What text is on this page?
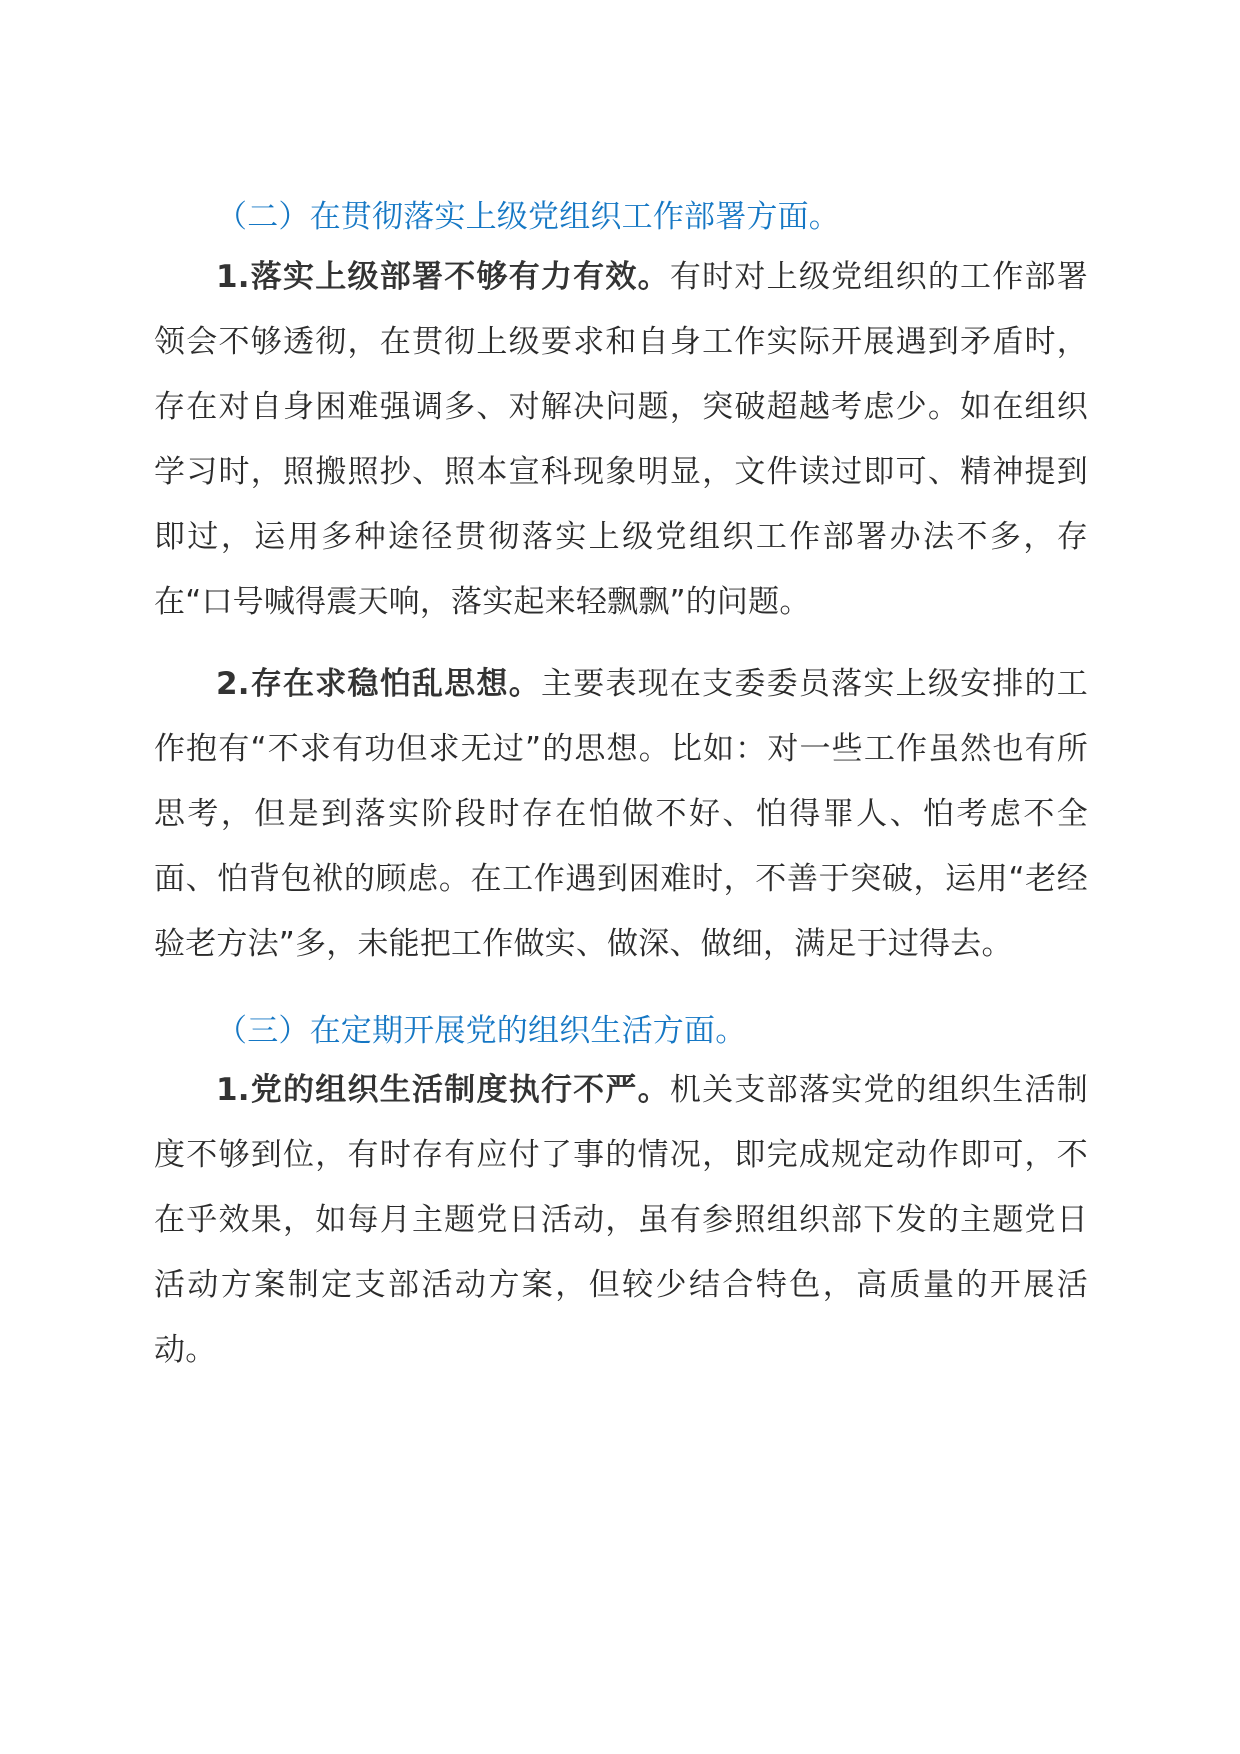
（二）在贯彻落实上级党组织工作部署方面。

1.落实上级部署不够有力有效。有时对上级党组织的工作部署领会不够透彻，在贯彻上级要求和自身工作实际开展遇到矛盾时，存在对自身困难强调多、对解决问题，突破超越考虑少。如在组织学习时，照搬照抄、照本宣科现象明显，文件读过即可、精神提到即过，运用多种途径贯彻落实上级党组织工作部署办法不多，存在“口号喊得震天响，落实起来轻飘飘”的问题。

2.存在求稳怕乱思想。主要表现在支委委员落实上级安排的工作抱有“不求有功但求无过”的思想。比如：对一些工作虽然也有所思考，但是到落实阶段时存在怕做不好、怕得罪人、怕考虑不全面、怕背包袱的顾虑。在工作遇到困难时，不善于突破，运用“老经验老方法”多，未能把工作做实、做深、做细，满足于过得去。

（三）在定期开展党的组织生活方面。

1.党的组织生活制度执行不严。机关支部落实党的组织生活制度不够到位，有时存有应付了事的情况，即完成规定动作即可，不在乎效果，如每月主题党日活动，虽有参照组织部下发的主题党日活动方案制定支部活动方案，但较少结合特色，高质量的开展活动。
